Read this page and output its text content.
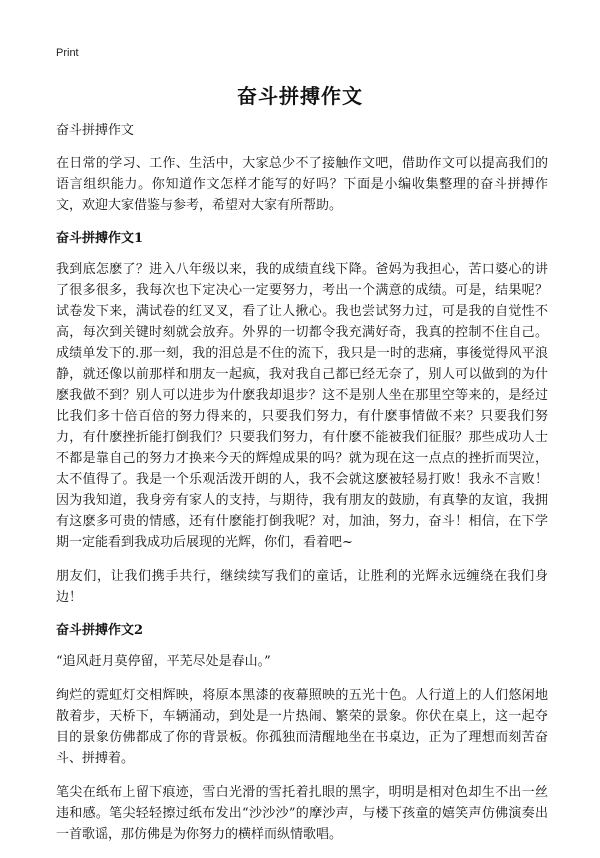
Print
奋斗拼搏作文

奋斗拼搏作文

在日常的学习、工作、生活中，大家总少不了接触作文吧，借助作文可以提高我们的语言组织能力。你知道作文怎样才能写的好吗？下面是小编收集整理的奋斗拼搏作文，欢迎大家借鉴与参考，希望对大家有所帮助。

奋斗拼搏作文1

我到底怎麽了？进入八年级以来，我的成绩直线下降。爸妈为我担心，苦口婆心的讲了很多很多，我每次也下定决心一定要努力，考出一个满意的成绩。可是，结果呢？试卷发下来，满试卷的红叉叉，看了让人揪心。我也尝试努力过，可是我的自觉性不高，每次到关键时刻就会放弃。外界的一切都令我充满好奇，我真的控制不住自己。成绩单发下的.那一刻，我的泪总是不住的流下，我只是一时的悲痛，事後觉得风平浪静，就还像以前那样和朋友一起疯，我对我自己都已经无奈了，别人可以做到的为什麽我做不到？别人可以进步为什麽我却退步？这不是别人坐在那里空等来的，是经过比我们多十倍百倍的努力得来的，只要我们努力，有什麽事情做不来？只要我们努力，有什麽挫折能打倒我们？只要我们努力，有什麽不能被我们征服？那些成功人士不都是靠自己的努力才换来今天的辉煌成果的吗？就为现在这一点点的挫折而哭泣，太不值得了。我是一个乐观活泼开朗的人，我不会就这麽被轻易打败！我永不言败！因为我知道，我身旁有家人的支持，与期待，我有朋友的鼓励，有真挚的友谊，我拥有这麽多可贵的情感，还有什麽能打倒我呢？对，加油，努力，奋斗！相信，在下学期一定能看到我成功后展现的光辉，你们，看着吧~

朋友们，让我们携手共行，继续续写我们的童话，让胜利的光辉永远缠绕在我们身边！

奋斗拼搏作文2

“追风赶月莫停留，平芜尽处是春山。”

绚烂的霓虹灯交相辉映，将原本黑漆的夜幕照映的五光十色。人行道上的人们悠闲地散着步，天桥下，车辆涌动，到处是一片热闹、繁荣的景象。你伏在桌上，这一起夺目的景象仿佛都成了你的背景板。你孤独而清醒地坐在书桌边，正为了理想而刻苦奋斗、拼搏着。

笔尖在纸布上留下痕迹，雪白光滑的雪托着扎眼的黑字，明明是相对色却生不出一丝违和感。笔尖轻轻擦过纸布发出“沙沙沙”的摩沙声，与楼下孩童的嬉笑声仿佛演奏出一首歌谣，那仿佛是为你努力的横样而纵情歌唱。
